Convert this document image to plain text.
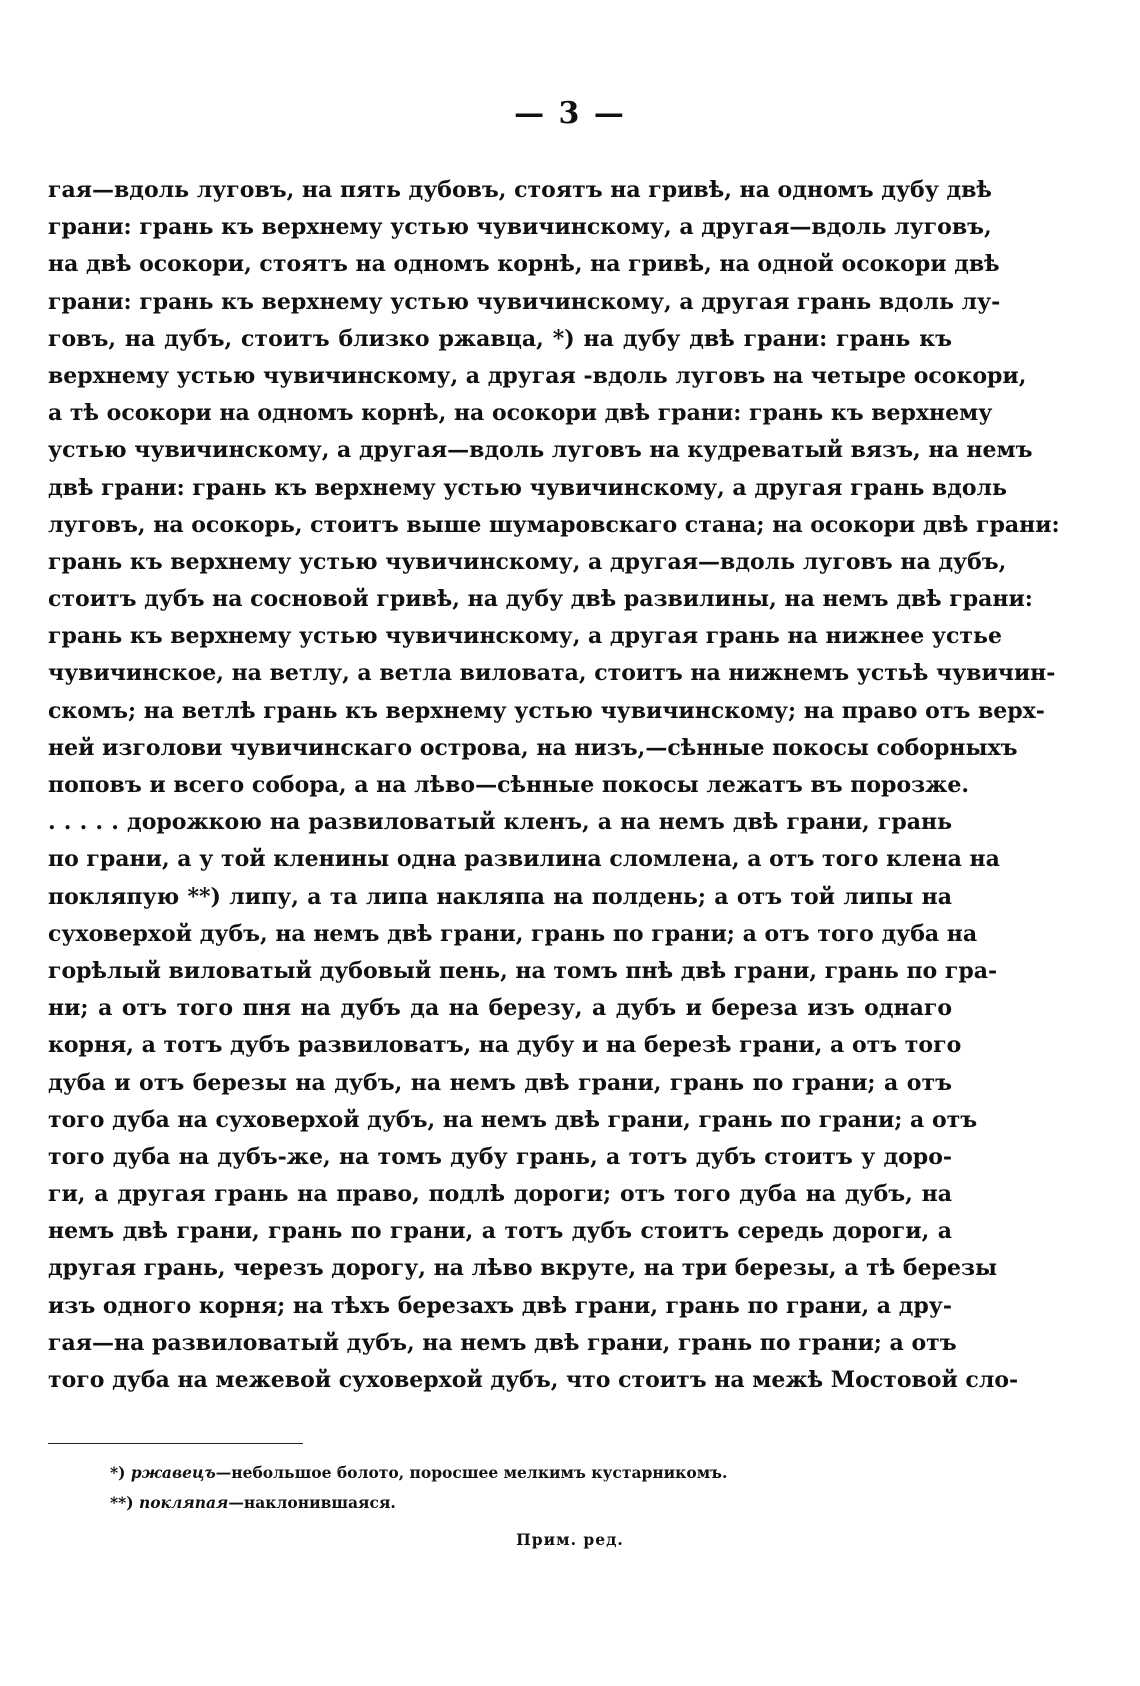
— 3 —
гая—вдоль луговъ, на пять дубовъ, стоятъ на гривѣ, на одномъ дубу двѣ
грани: грань къ верхнему устью чувичинскому, а другая—вдоль луговъ,
на двѣ осокори, стоятъ на одномъ корнѣ, на гривѣ, на одной осокори двѣ
грани: грань къ верхнему устью чувичинскому, а другая грань вдоль лу-
говъ, на дубъ, стоитъ близко ржавца, *) на дубу двѣ грани: грань къ
верхнему устью чувичинскому, а другая -вдоль луговъ на четыре осокори,
а тѣ осокори на одномъ корнѣ, на осокори двѣ грани: грань къ верхнему
устью чувичинскому, а другая—вдоль луговъ на кудреватый вязъ, на немъ
двѣ грани: грань къ верхнему устью чувичинскому, а другая грань вдоль
луговъ, на осокорь, стоитъ выше шумаровскаго стана; на осокори двѣ грани:
грань къ верхнему устью чувичинскому, а другая—вдоль луговъ на дубъ,
стоитъ дубъ на сосновой гривѣ, на дубу двѣ развилины, на немъ двѣ грани:
грань къ верхнему устью чувичинскому, а другая грань на нижнее устье
чувичинское, на ветлу, а ветла виловата, стоитъ на нижнемъ устьѣ чувичин-
скомъ; на ветлѣ грань къ верхнему устью чувичинскому; на право отъ верх-
ней изголови чувичинскаго острова, на низъ,—сѣнные покосы соборныхъ
поповъ и всего собора, а на лѣво—сѣнные покосы лежатъ въ порозже.
. . . . . дорожкою на развиловатый кленъ, а на немъ двѣ грани, грань
по грани, а у той кленины одна развилина сломлена, а отъ того клена на
покляпую **) липу, а та липа накляпа на полдень; а отъ той липы на
суховерхой дубъ, на немъ двѣ грани, грань по грани; а отъ того дуба на
горѣлый виловатый дубовый пень, на томъ пнѣ двѣ грани, грань по гра-
ни; а отъ того пня на дубъ да на березу, а дубъ и береза изъ однаго
корня, а тотъ дубъ развиловатъ, на дубу и на березѣ грани, а отъ того
дуба и отъ березы на дубъ, на немъ двѣ грани, грань по грани; а отъ
того дуба на суховерхой дубъ, на немъ двѣ грани, грань по грани; а отъ
того дуба на дубъ-же, на томъ дубу грань, а тотъ дубъ стоитъ у доро-
ги, а другая грань на право, подлѣ дороги; отъ того дуба на дубъ, на
немъ двѣ грани, грань по грани, а тотъ дубъ стоитъ середь дороги, а
другая грань, черезъ дорогу, на лѣво вкруте, на три березы, а тѣ березы
изъ одного корня; на тѣхъ березахъ двѣ грани, грань по грани, а дру-
гая—на развиловатый дубъ, на немъ двѣ грани, грань по грани; а отъ
того дуба на межевой суховерхой дубъ, что стоитъ на межѣ Мостовой сло-
*) ржавецъ—небольшое болото, поросшее мелкимъ кустарникомъ.
**) покляпая—наклонившаяся.
Прим. ред.
